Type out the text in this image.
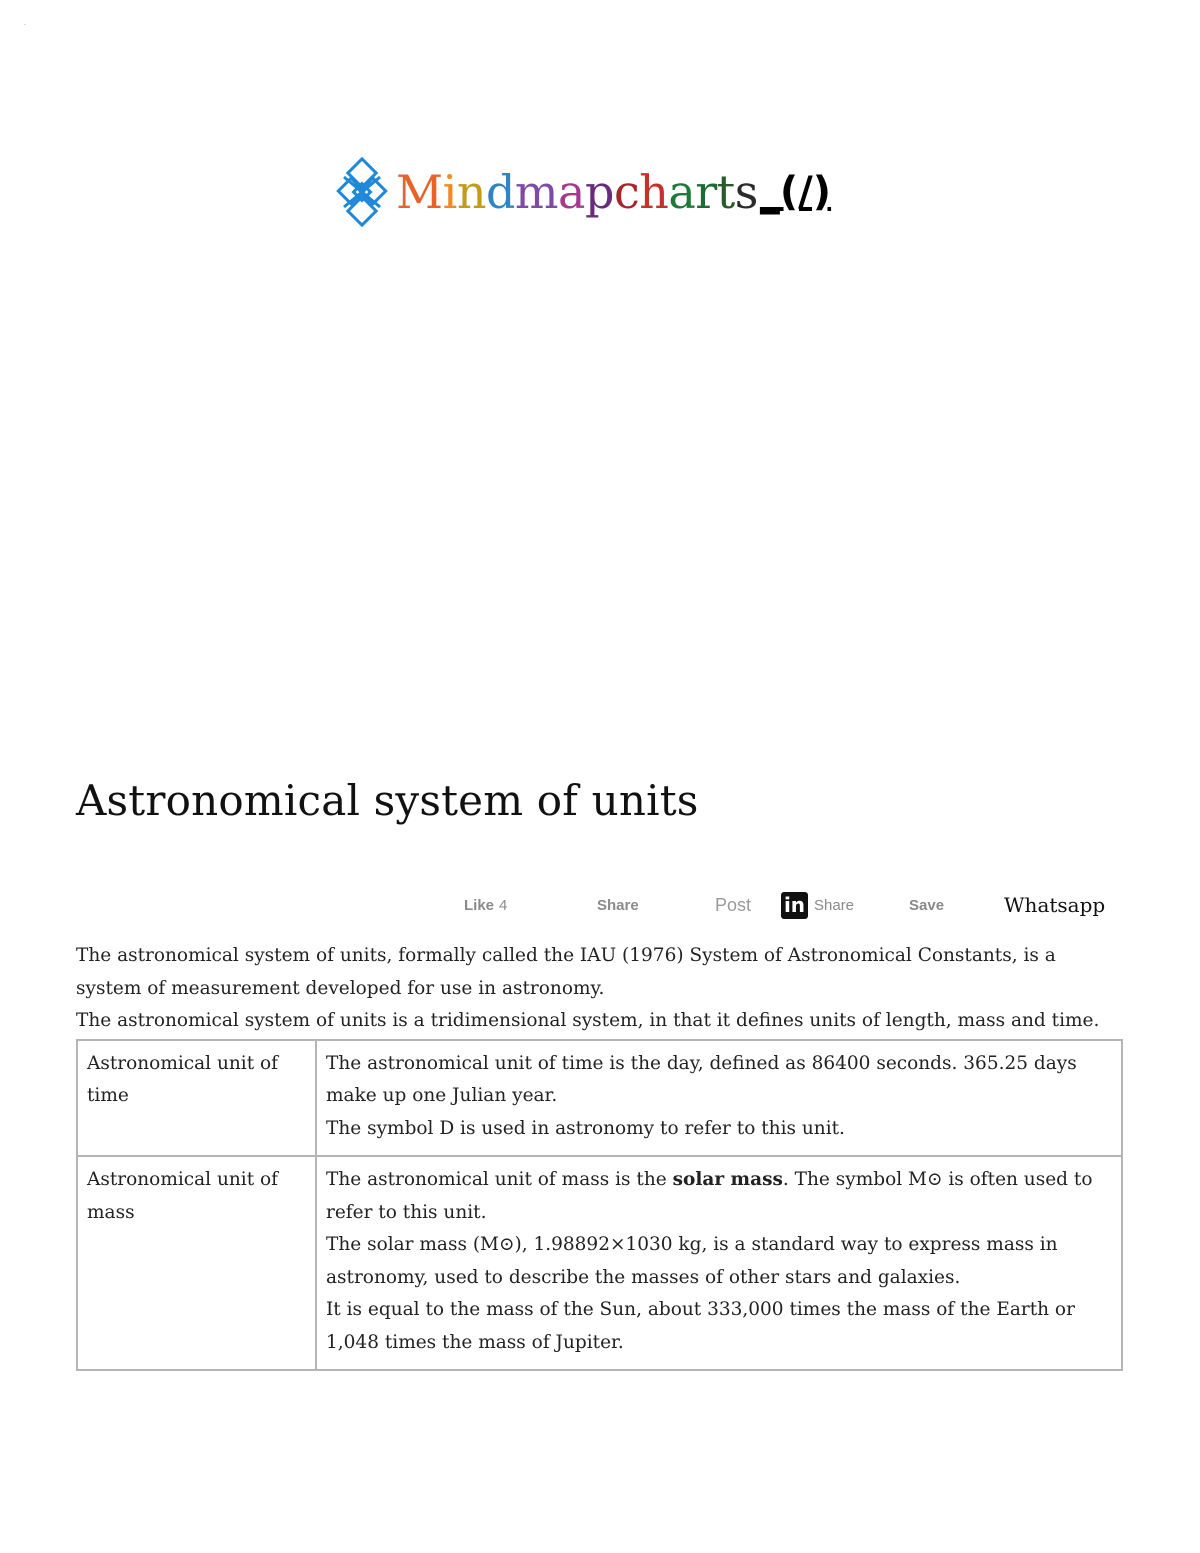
.
Mindmapcharts _(/)
Astronomical system of units
Like 4	Share	Post in Share	Save	Whatsapp

The astronomical system of units, formally called the IAU (1976) System of Astronomical Constants, is a system of measurement developed for use in astronomy.

The astronomical system of units is a tridimensional system, in that it defines units of length, mass and time.

Astronomical unit of time	The astronomical unit of time is the day, defined as 86400 seconds. 365.25 days make up one Julian year.

The symbol D is used in astronomy to refer to this unit.

Astronomical unit of mass	The astronomical unit of mass is the solar mass. The symbol M⊙ is often used to refer to this unit.

The solar mass (M⊙), 1.98892×1030 kg, is a standard way to express mass in astronomy, used to describe the masses of other stars and galaxies.

It is equal to the mass of the Sun, about 333,000 times the mass of the Earth or 1,048 times the mass of Jupiter.
